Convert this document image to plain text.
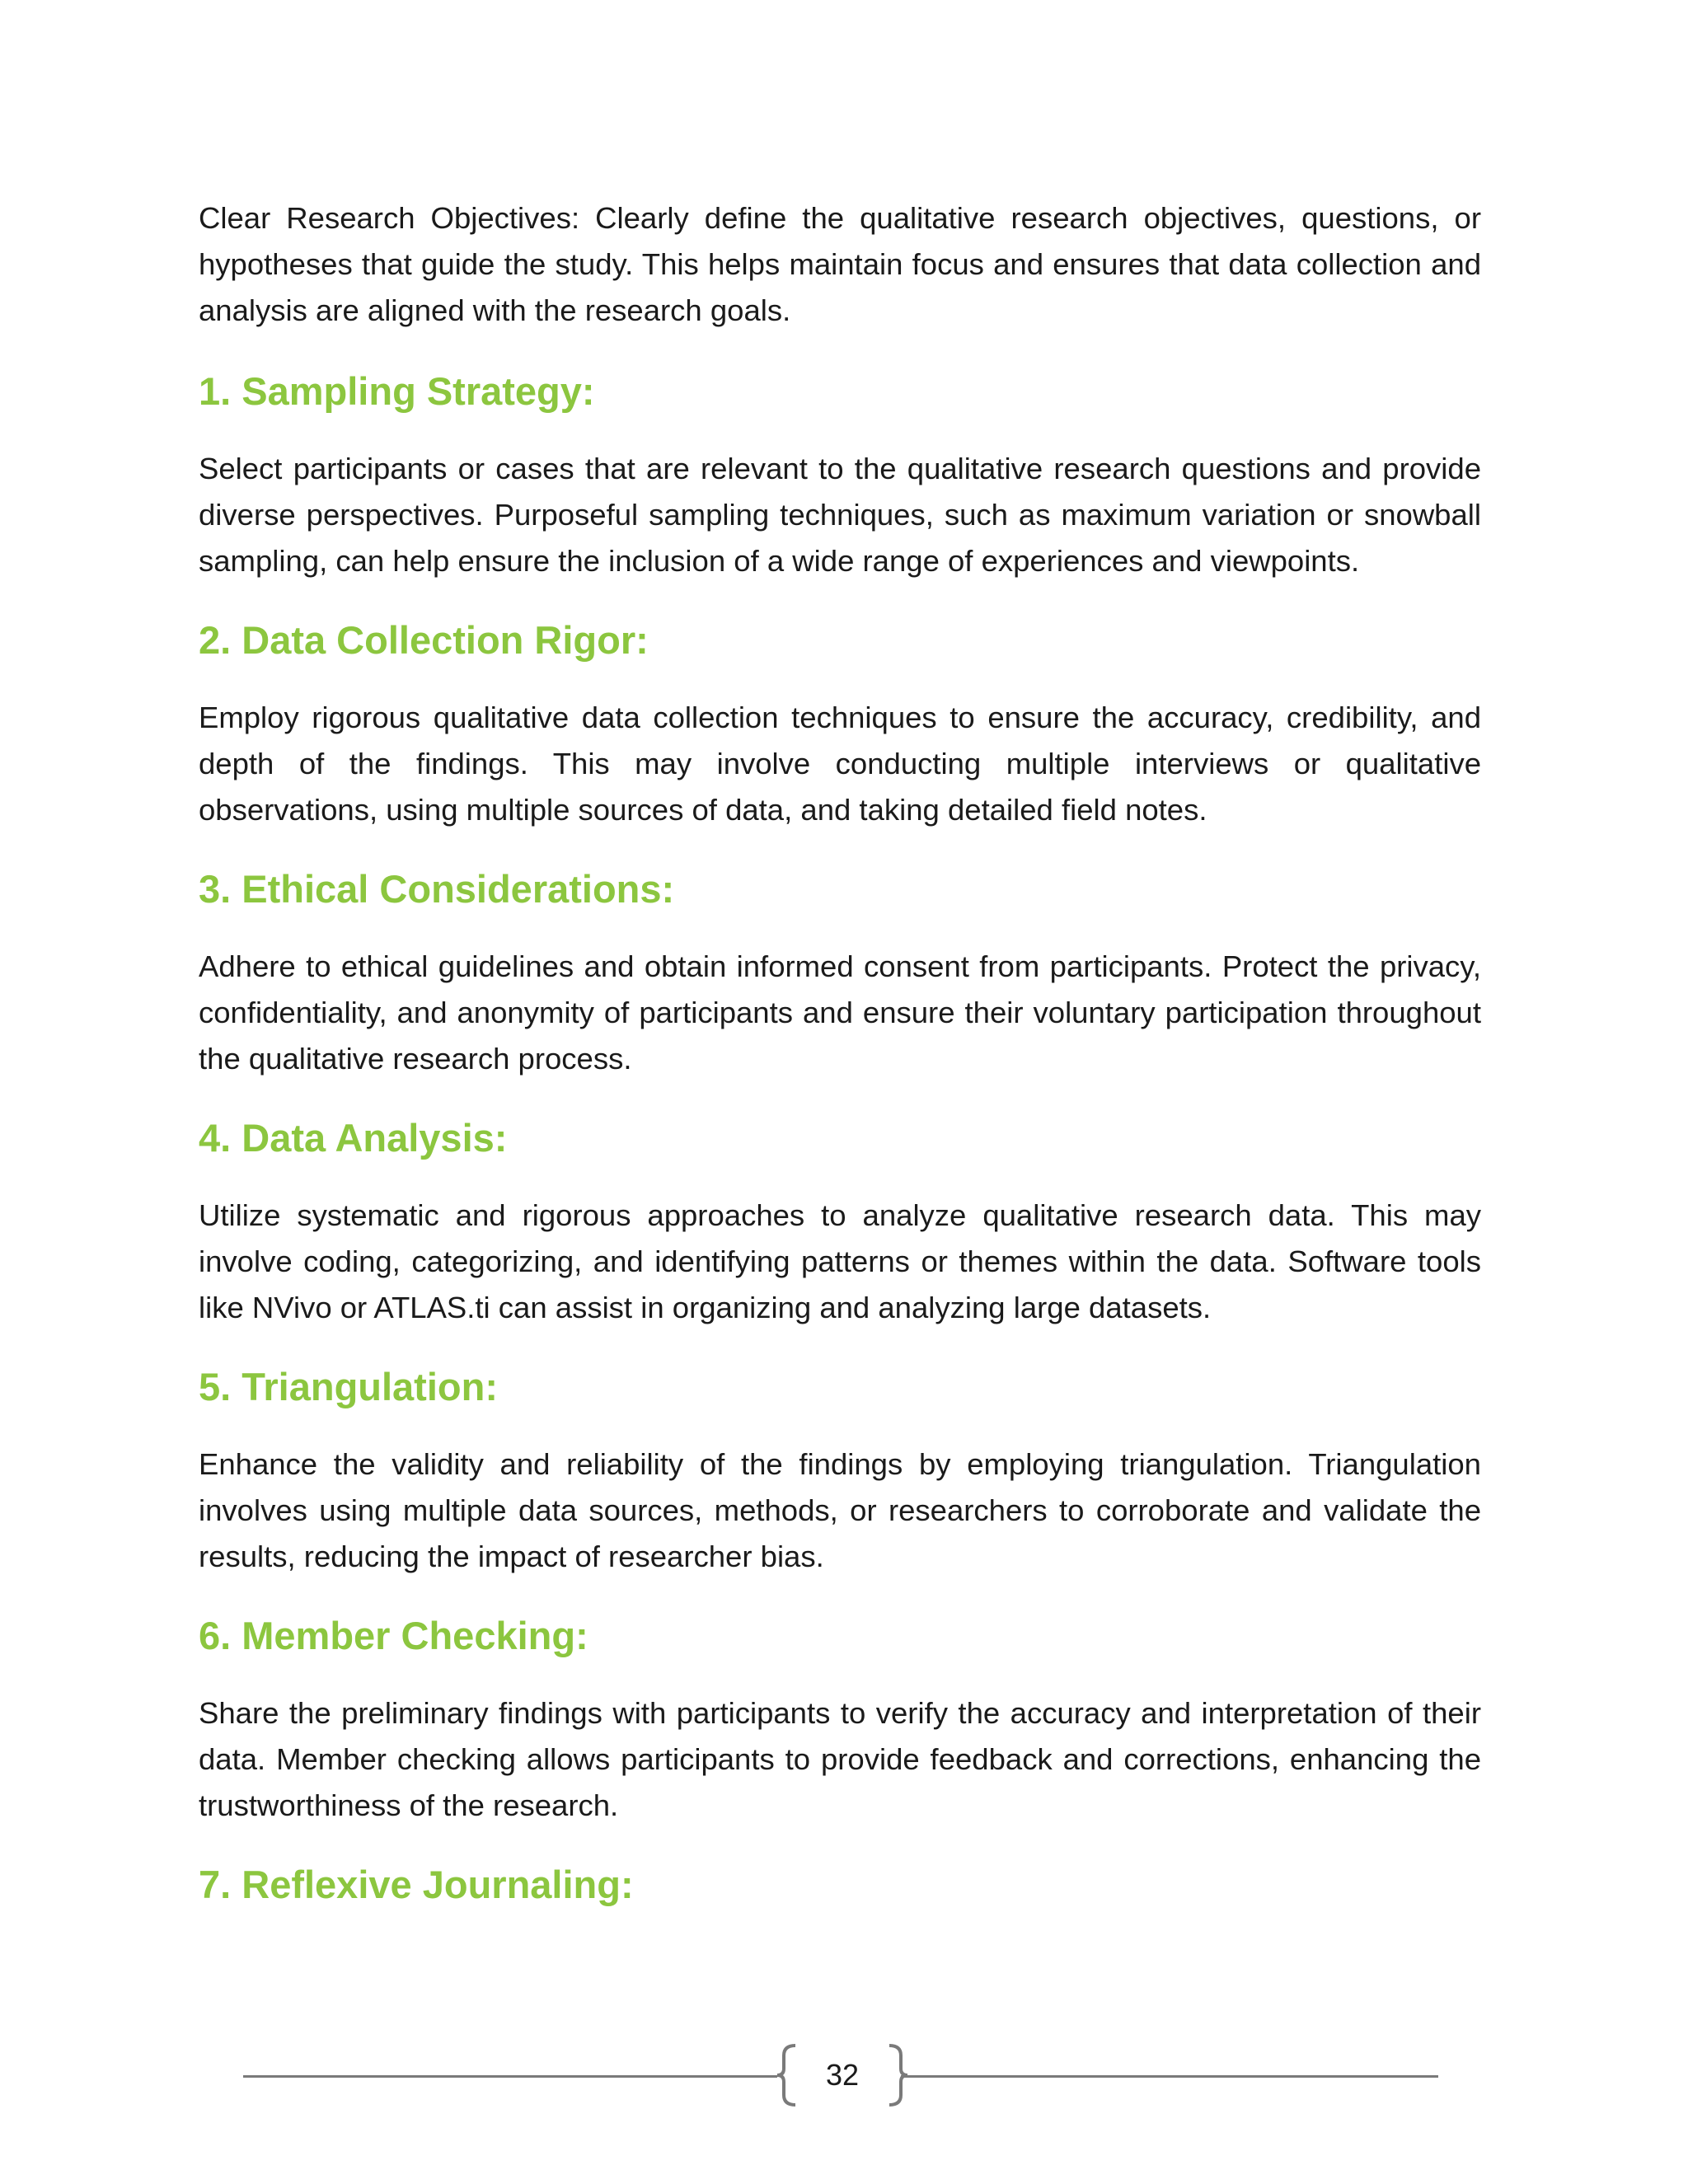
Clear Research Objectives: Clearly define the qualitative research objectives, questions, or hypotheses that guide the study. This helps maintain focus and ensures that data collection and analysis are aligned with the research goals.

1. Sampling Strategy:

Select participants or cases that are relevant to the qualitative research questions and provide diverse perspectives. Purposeful sampling techniques, such as maximum variation or snowball sampling, can help ensure the inclusion of a wide range of experiences and viewpoints.

2. Data Collection Rigor:

Employ rigorous qualitative data collection techniques to ensure the accuracy, credibility, and depth of the findings. This may involve conducting multiple interviews or qualitative observations, using multiple sources of data, and taking detailed field notes.

3. Ethical Considerations:

Adhere to ethical guidelines and obtain informed consent from participants. Protect the privacy, confidentiality, and anonymity of participants and ensure their voluntary participation throughout the qualitative research process.

4. Data Analysis:

Utilize systematic and rigorous approaches to analyze qualitative research data. This may involve coding, categorizing, and identifying patterns or themes within the data. Software tools like NVivo or ATLAS.ti can assist in organizing and analyzing large datasets.

5. Triangulation:

Enhance the validity and reliability of the findings by employing triangulation. Triangulation involves using multiple data sources, methods, or researchers to corroborate and validate the results, reducing the impact of researcher bias.

6. Member Checking:

Share the preliminary findings with participants to verify the accuracy and interpretation of their data. Member checking allows participants to provide feedback and corrections, enhancing the trustworthiness of the research.

7. Reflexive Journaling:
32
